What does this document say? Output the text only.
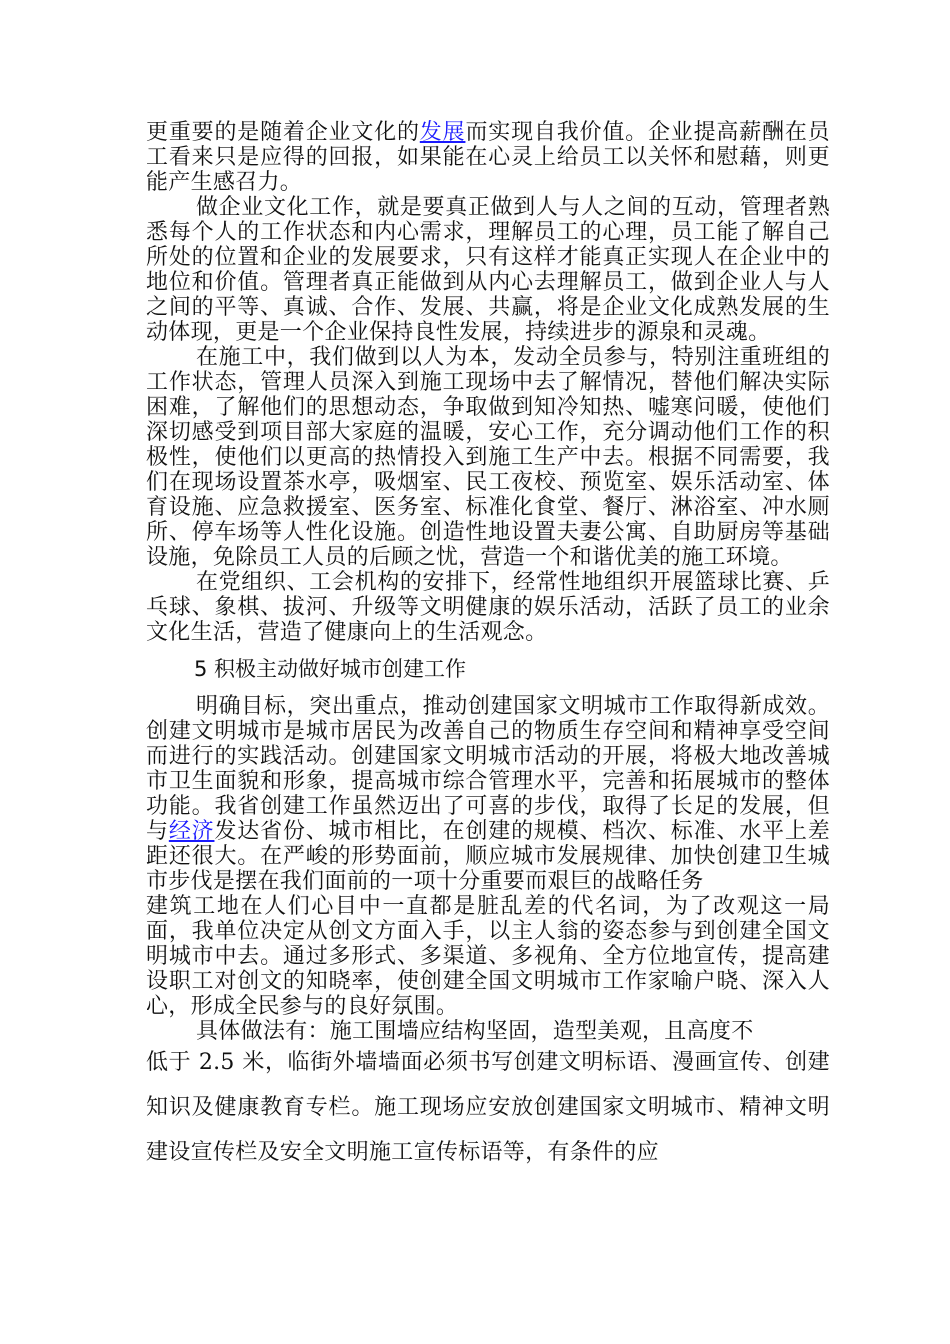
更重要的是随着企业文化的发展而实现自我价值。企业提高薪酬在员工看来只是应得的回报，如果能在心灵上给员工以关怀和慰藉，则更能产生感召力。

做企业文化工作，就是要真正做到人与人之间的互动，管理者熟悉每个人的工作状态和内心需求，理解员工的心理，员工能了解自己所处的位置和企业的发展要求，只有这样才能真正实现人在企业中的地位和价值。管理者真正能做到从内心去理解员工，做到企业人与人之间的平等、真诚、合作、发展、共赢，将是企业文化成熟发展的生动体现，更是一个企业保持良性发展，持续进步的源泉和灵魂。

在施工中，我们做到以人为本，发动全员参与，特别注重班组的工作状态，管理人员深入到施工现场中去了解情况，替他们解决实际困难，了解他们的思想动态，争取做到知冷知热、嘘寒问暖，使他们深切感受到项目部大家庭的温暖，安心工作，充分调动他们工作的积极性，使他们以更高的热情投入到施工生产中去。根据不同需要，我们在现场设置茶水亭，吸烟室、民工夜校、预览室、娱乐活动室、体育设施、应急救援室、医务室、标准化食堂、餐厅、淋浴室、冲水厕所、停车场等人性化设施。创造性地设置夫妻公寓、自助厨房等基础设施，免除员工人员的后顾之忧，营造一个和谐优美的施工环境。

在党组织、工会机构的安排下，经常性地组织开展篮球比赛、乒乓球、象棋、拔河、升级等文明健康的娱乐活动，活跃了员工的业余文化生活，营造了健康向上的生活观念。

5 积极主动做好城市创建工作

明确目标，突出重点，推动创建国家文明城市工作取得新成效。创建文明城市是城市居民为改善自己的物质生存空间和精神享受空间而进行的实践活动。创建国家文明城市活动的开展，将极大地改善城市卫生面貌和形象，提高城市综合管理水平，完善和拓展城市的整体功能。我省创建工作虽然迈出了可喜的步伐，取得了长足的发展，但与经济发达省份、城市相比，在创建的规模、档次、标准、水平上差距还很大。在严峻的形势面前，顺应城市发展规律、加快创建卫生城市步伐是摆在我们面前的一项十分重要而艰巨的战略任务

建筑工地在人们心目中一直都是脏乱差的代名词，为了改观这一局面，我单位决定从创文方面入手，以主人翁的姿态参与到创建全国文明城市中去。通过多形式、多渠道、多视角、全方位地宣传，提高建设职工对创文的知晓率，使创建全国文明城市工作家喻户晓、深入人心，形成全民参与的良好氛围。

具体做法有：施工围墙应结构坚固，造型美观，且高度不

低于 2.5 米，临街外墙墙面必须书写创建文明标语、漫画宣传、创建知识及健康教育专栏。施工现场应安放创建国家文明城市、精神文明建设宣传栏及安全文明施工宣传标语等，有条件的应
